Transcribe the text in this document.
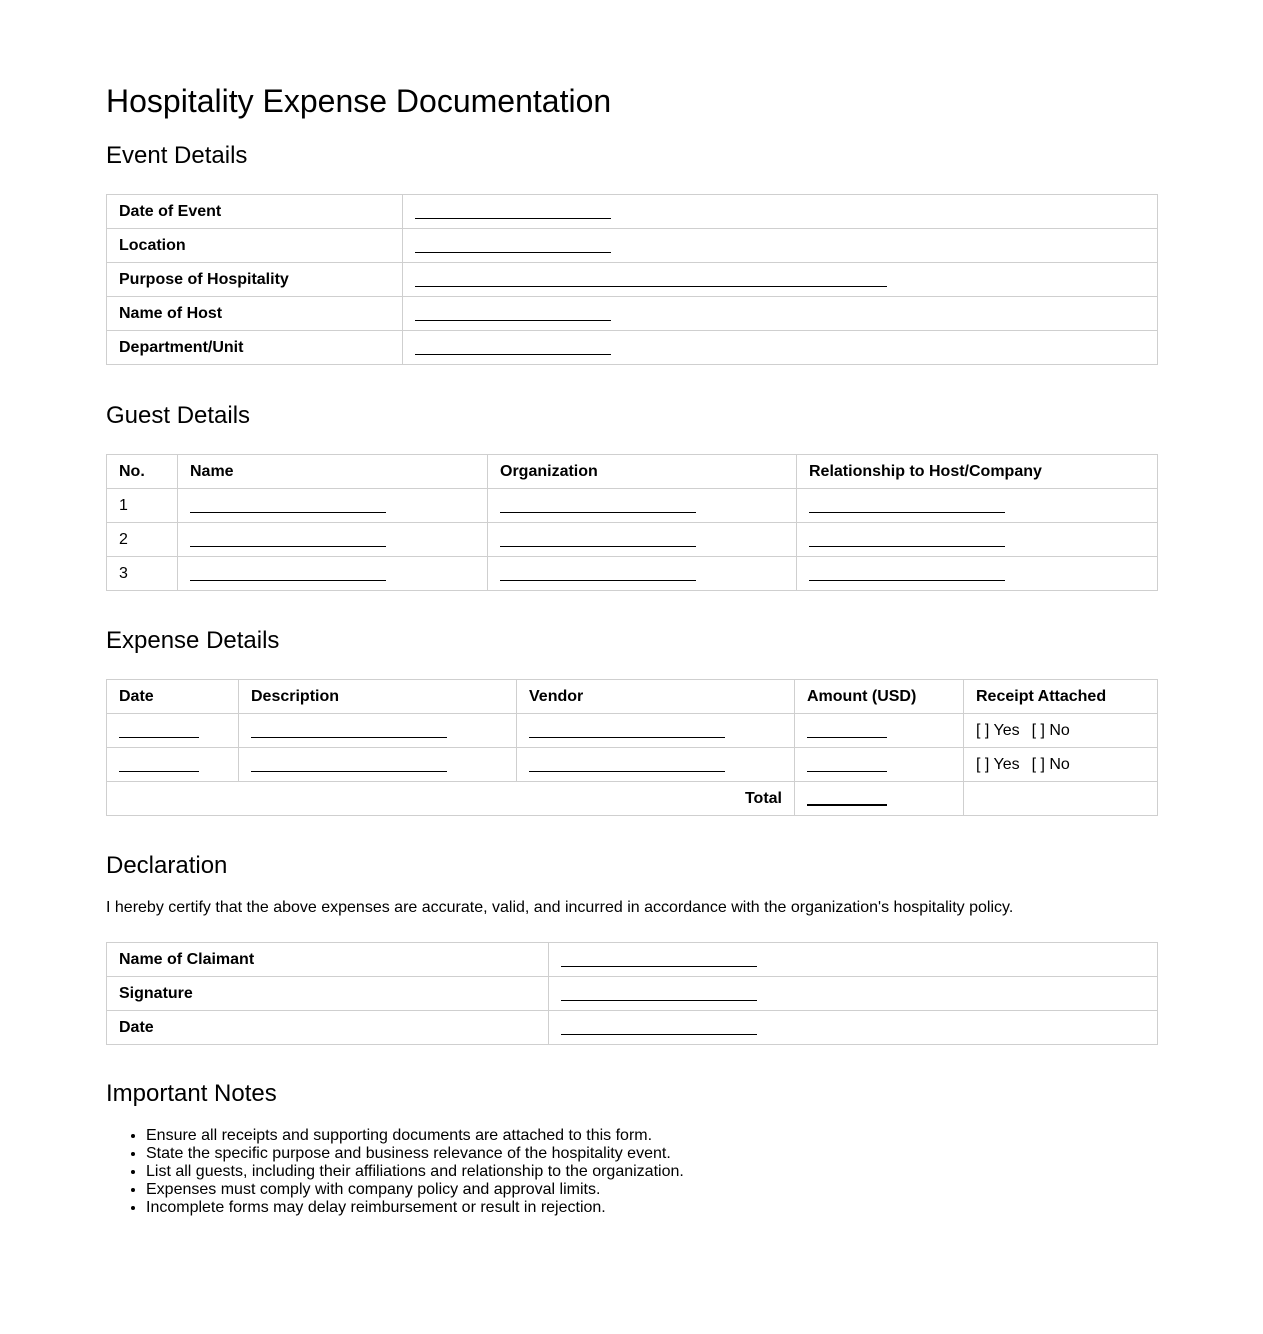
Hospitality Expense Documentation
Event Details
Date of Event	
Location	
Purpose of Hospitality	
Name of Host	
Department/Unit	
Guest Details
No.	Name	Organization	Relationship to Host/Company
1			
2			
3			
Expense Details
Date	Description	Vendor	Amount (USD)	Receipt Attached
				[ ] Yes [ ] No
				[ ] Yes [ ] No
Total				
Declaration

I hereby certify that the above expenses are accurate, valid, and incurred in accordance with the organization's hospitality policy.

Name of Claimant	
Signature	
Date	
Important Notes
• Ensure all receipts and supporting documents are attached to this form.
• State the specific purpose and business relevance of the hospitality event.
• List all guests, including their affiliations and relationship to the organization.
• Expenses must comply with company policy and approval limits.
• Incomplete forms may delay reimbursement or result in rejection.
